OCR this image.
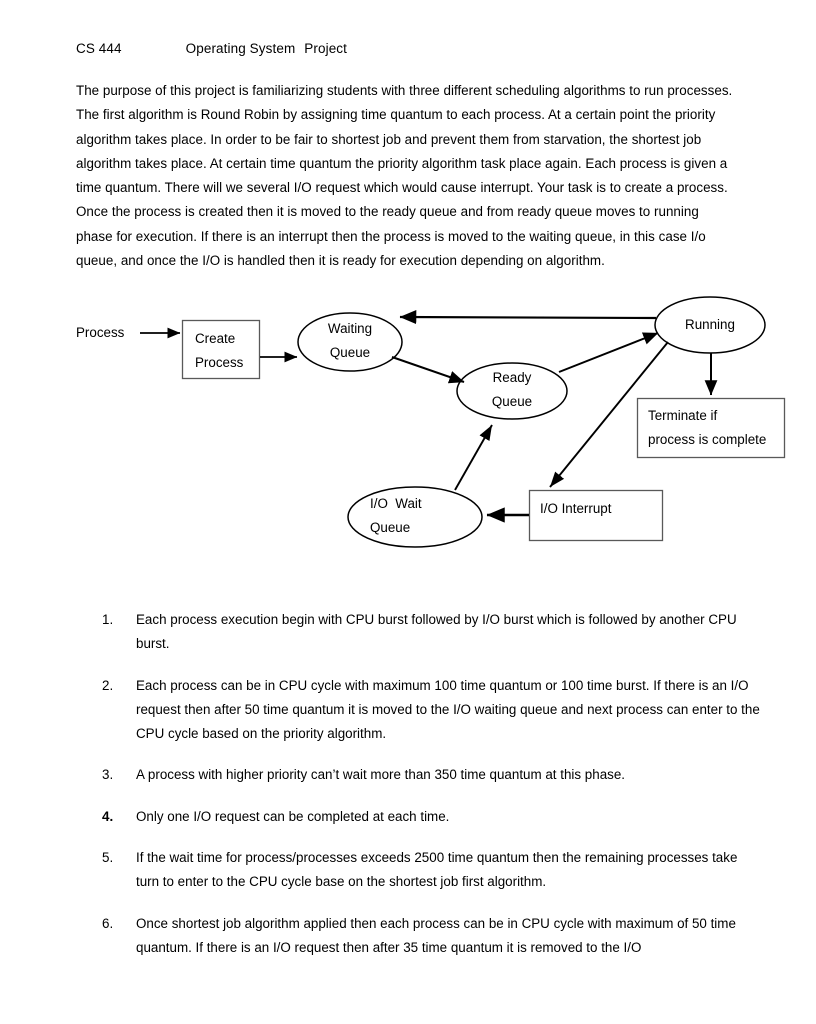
CS 444	Operating System Project
The purpose of this project is familiarizing students with three different scheduling algorithms to run processes. The first algorithm is Round Robin by assigning time quantum to each process. At a certain point the priority algorithm takes place. In order to be fair to shortest job and prevent them from starvation, the shortest job algorithm takes place. At certain time quantum the priority algorithm task place again. Each process is given a time quantum. There will we several I/O request which would cause interrupt. Your task is to create a process. Once the process is created then it is moved to the ready queue and from ready queue moves to running phase for execution. If there is an interrupt then the process is moved to the waiting queue, in this case I/o queue, and once the I/O is handled then it is ready for execution depending on algorithm.
Process	Create
Process
Waiting
Queue
Ready
Queue
Running
Terminate if
process is complete
I/O  Wait
Queue
I/O Interrupt
1.	Each process execution begin with CPU burst followed by I/O burst which is followed by another CPU burst.
2.	Each process can be in CPU cycle with maximum 100 time quantum or 100 time burst. If there is an I/O request then after 50 time quantum it is moved to the I/O waiting queue and next process can enter to the CPU cycle based on the priority algorithm.
3.	A process with higher priority can’t wait more than 350 time quantum at this phase.
4.	Only one I/O request can be completed at each time.
5.	If the wait time for process/processes exceeds 2500 time quantum then the remaining processes take turn to enter to the CPU cycle base on the shortest job first algorithm.
6.	Once shortest job algorithm applied then each process can be in CPU cycle with maximum of 50 time quantum. If there is an I/O request then after 35 time quantum it is removed to the I/O
